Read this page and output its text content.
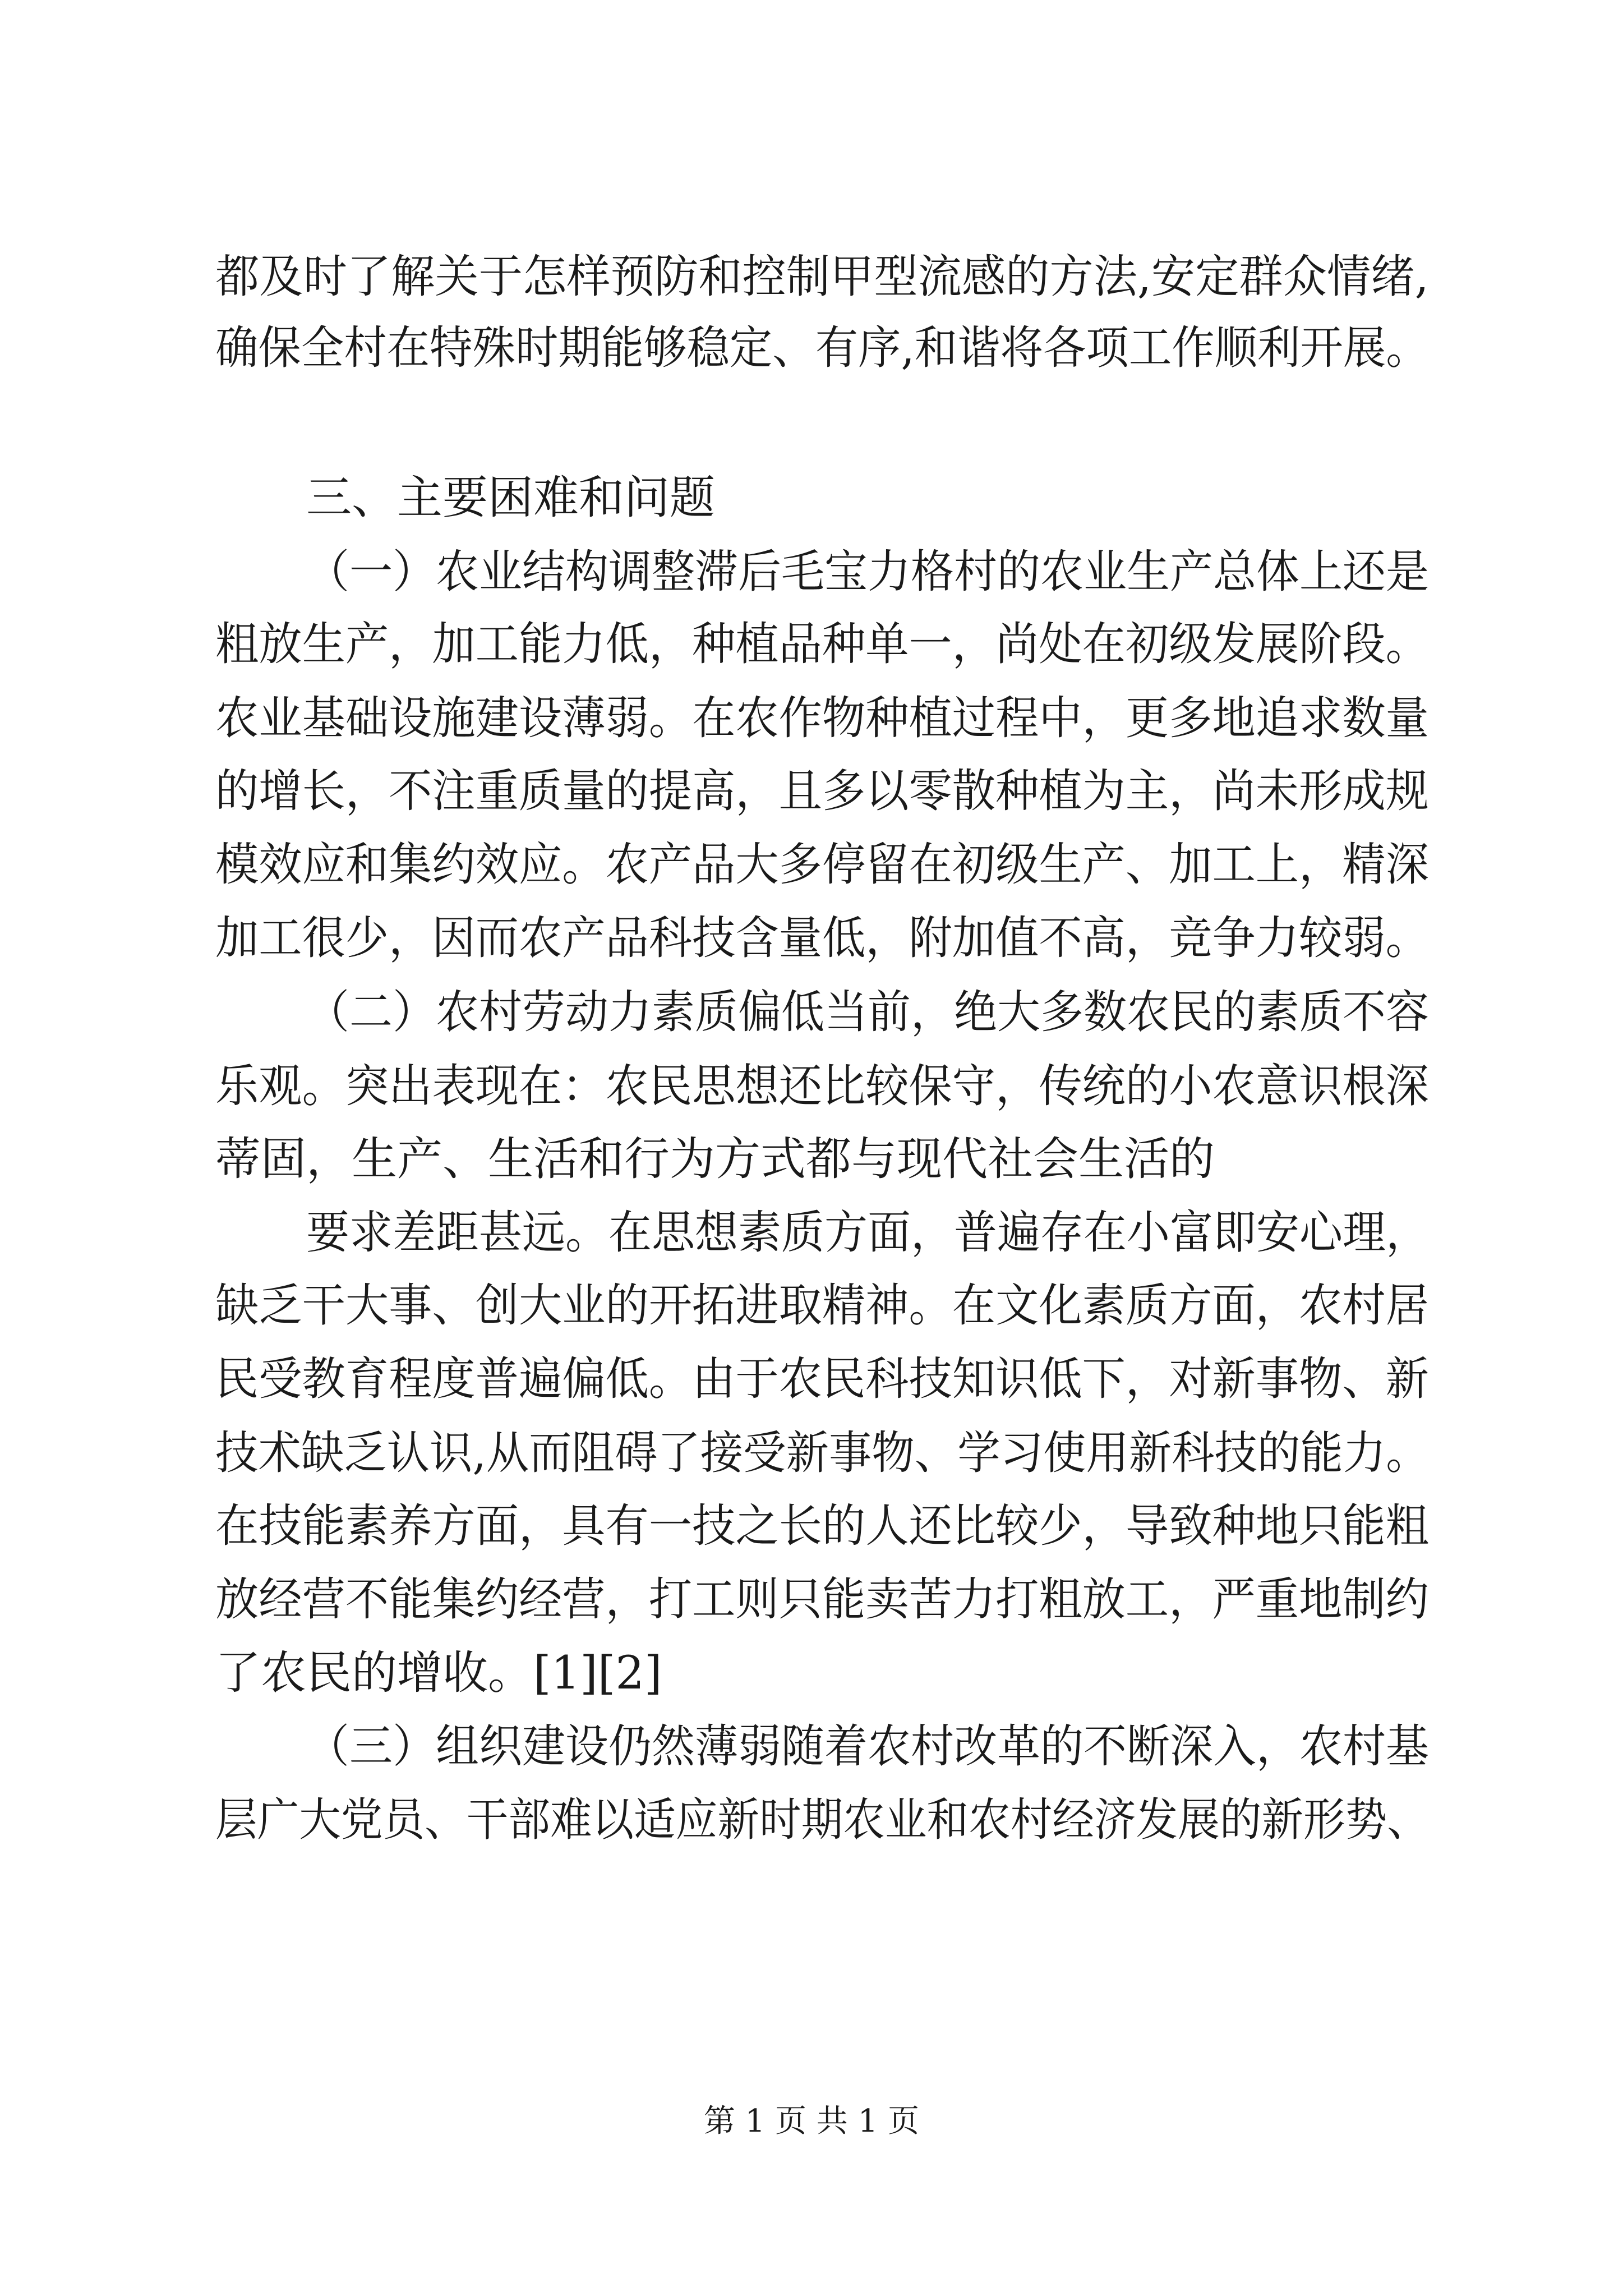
都及时了解关于怎样预防和控制甲型流感的方法,安定群众情绪,
确保全村在特殊时期能够稳定、有序,和谐将各项工作顺利开展。
三、主要困难和问题
（一）农业结构调整滞后毛宝力格村的农业生产总体上还是
粗放生产，加工能力低，种植品种单一，尚处在初级发展阶段。
农业基础设施建设薄弱。在农作物种植过程中，更多地追求数量
的增长，不注重质量的提高，且多以零散种植为主，尚未形成规
模效应和集约效应。农产品大多停留在初级生产、加工上，精深
加工很少，因而农产品科技含量低，附加值不高，竞争力较弱。
（二）农村劳动力素质偏低当前，绝大多数农民的素质不容
乐观。突出表现在：农民思想还比较保守，传统的小农意识根深
蒂固，生产、生活和行为方式都与现代社会生活的
要求差距甚远。在思想素质方面，普遍存在小富即安心理，
缺乏干大事、创大业的开拓进取精神。在文化素质方面，农村居
民受教育程度普遍偏低。由于农民科技知识低下，对新事物、新
技术缺乏认识,从而阻碍了接受新事物、学习使用新科技的能力。
在技能素养方面，具有一技之长的人还比较少，导致种地只能粗
放经营不能集约经营，打工则只能卖苦力打粗放工，严重地制约
了农民的增收。[1][2]
（三）组织建设仍然薄弱随着农村改革的不断深入，农村基
层广大党员、干部难以适应新时期农业和农村经济发展的新形势、
第 1 页 共 1 页
